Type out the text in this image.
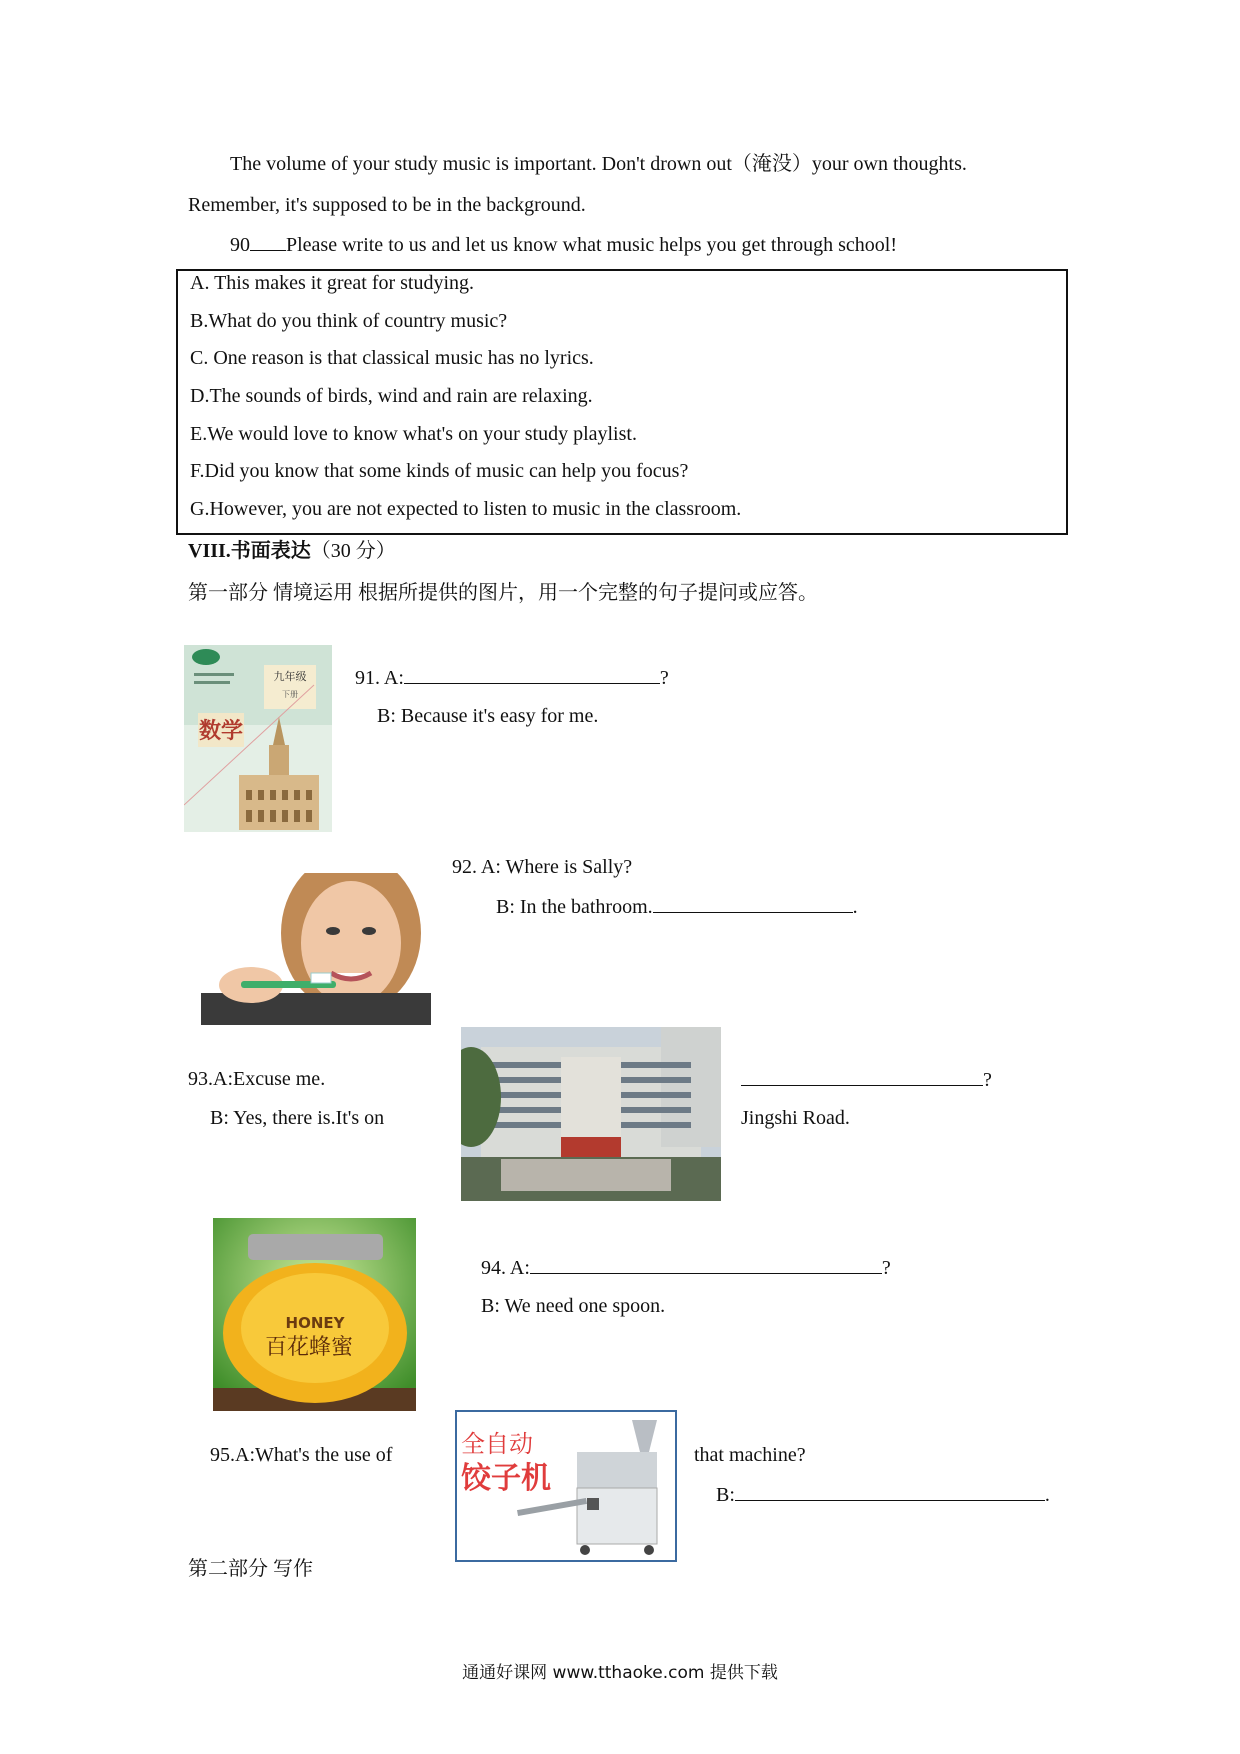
The volume of your study music is important. Don't drown out（淹没）your own thoughts.
Remember, it's supposed to be in the background.
90 Please write to us and let us know what music helps you get through school!
A. This makes it great for studying.
B.What do you think of country music?
C. One reason is that classical music has no lyrics.
D.The sounds of birds, wind and rain are relaxing.
E.We would love to know what's on your study playlist.
F.Did you know that some kinds of music can help you focus?
G.However, you are not expected to listen to music in the classroom.
VIII.书面表达（30 分）
第一部分 情境运用 根据所提供的图片，用一个完整的句子提问或应答。
九年级
下册
数学
91. A:	?
B: Because it's easy for me.
92. A: Where is Sally?
B: In the bathroom.	.
93.A:Excuse me.
B: Yes, there is.It's on
?
Jingshi Road.
HONEY
百花蜂蜜
94. A:	?
B: We need one spoon.
95.A:What's the use of	全自动
饺子机
that machine?
B:	.
第二部分 写作
通通好课网 www.tthaoke.com 提供下载
